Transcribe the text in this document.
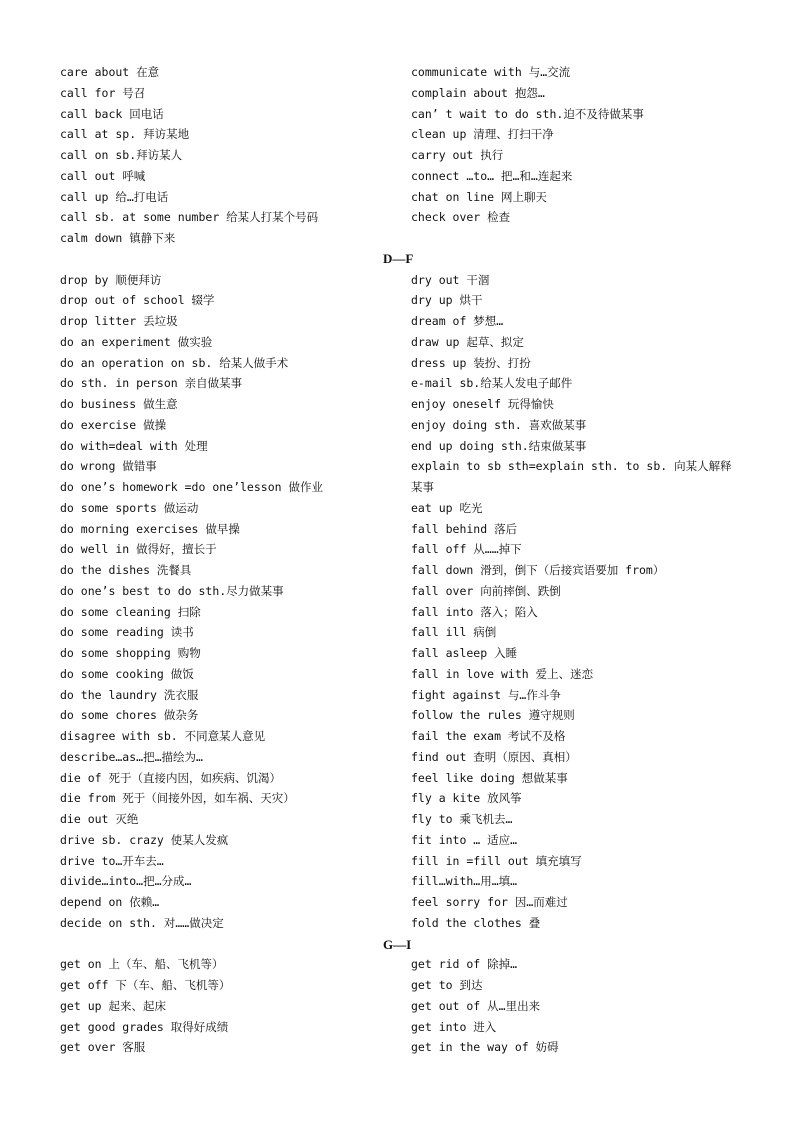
care about 在意
call for 号召
call back 回电话
call at sp. 拜访某地
call on sb.拜访某人
call out 呼喊
call up 给…打电话
call sb. at some number 给某人打某个号码
calm down 镇静下来
drop by 顺便拜访
drop out of school 辍学
drop litter 丢垃圾
do an experiment 做实验
do an operation on sb. 给某人做手术
do sth. in person 亲自做某事
do business 做生意
do exercise 做操
do with=deal with 处理
do wrong 做错事
do one’s homework =do one’lesson 做作业
do some sports 做运动
do morning exercises 做早操
do well in 做得好，擅长于
do the dishes 洗餐具
do one’s best to do sth.尽力做某事
do some cleaning 扫除
do some reading 读书
do some shopping 购物
do some cooking 做饭
do the laundry 洗衣服
do some chores 做杂务
disagree with sb. 不同意某人意见
describe…as…把…描绘为…
die of 死于（直接内因，如疾病、饥渴）
die from 死于（间接外因，如车祸、天灾）
die out 灭绝
drive sb. crazy 使某人发疯
drive to…开车去…
divide…into…把…分成…
depend on 依赖…
decide on sth. 对……做决定
get on 上（车、船、飞机等）
get off 下（车、船、飞机等）
get up 起来、起床
get good grades 取得好成绩
get over 客服
communicate with 与…交流
complain about 抱怨…
can’ t wait to do sth.迫不及待做某事
clean up 清理、打扫干净
carry out 执行
connect …to… 把…和…连起来
chat on line 网上聊天
check over 检查
dry out 干涸
dry up 烘干
dream of 梦想…
draw up 起草、拟定
dress up 装扮、打扮
e-mail sb.给某人发电子邮件
enjoy oneself 玩得愉快
enjoy doing sth. 喜欢做某事
end up doing sth.结束做某事
explain to sb sth=explain sth. to sb. 向某人解释
某事
eat up 吃光
fall behind 落后
fall off 从……掉下
fall down 滑到，倒下（后接宾语要加 from）
fall over 向前摔倒、跌倒
fall into 落入；陷入
fall ill 病倒
fall asleep 入睡
fall in love with 爱上、迷恋
fight against 与…作斗争
follow the rules 遵守规则
fail the exam 考试不及格
find out 查明（原因、真相）
feel like doing 想做某事
fly a kite 放风筝
fly to 乘飞机去…
fit into … 适应…
fill in =fill out 填充填写
fill…with…用…填…
feel sorry for 因…而难过
fold the clothes 叠
get rid of 除掉…
get to 到达
get out of 从…里出来
get into 进入
get in the way of 妨碍
D—F
G—I
